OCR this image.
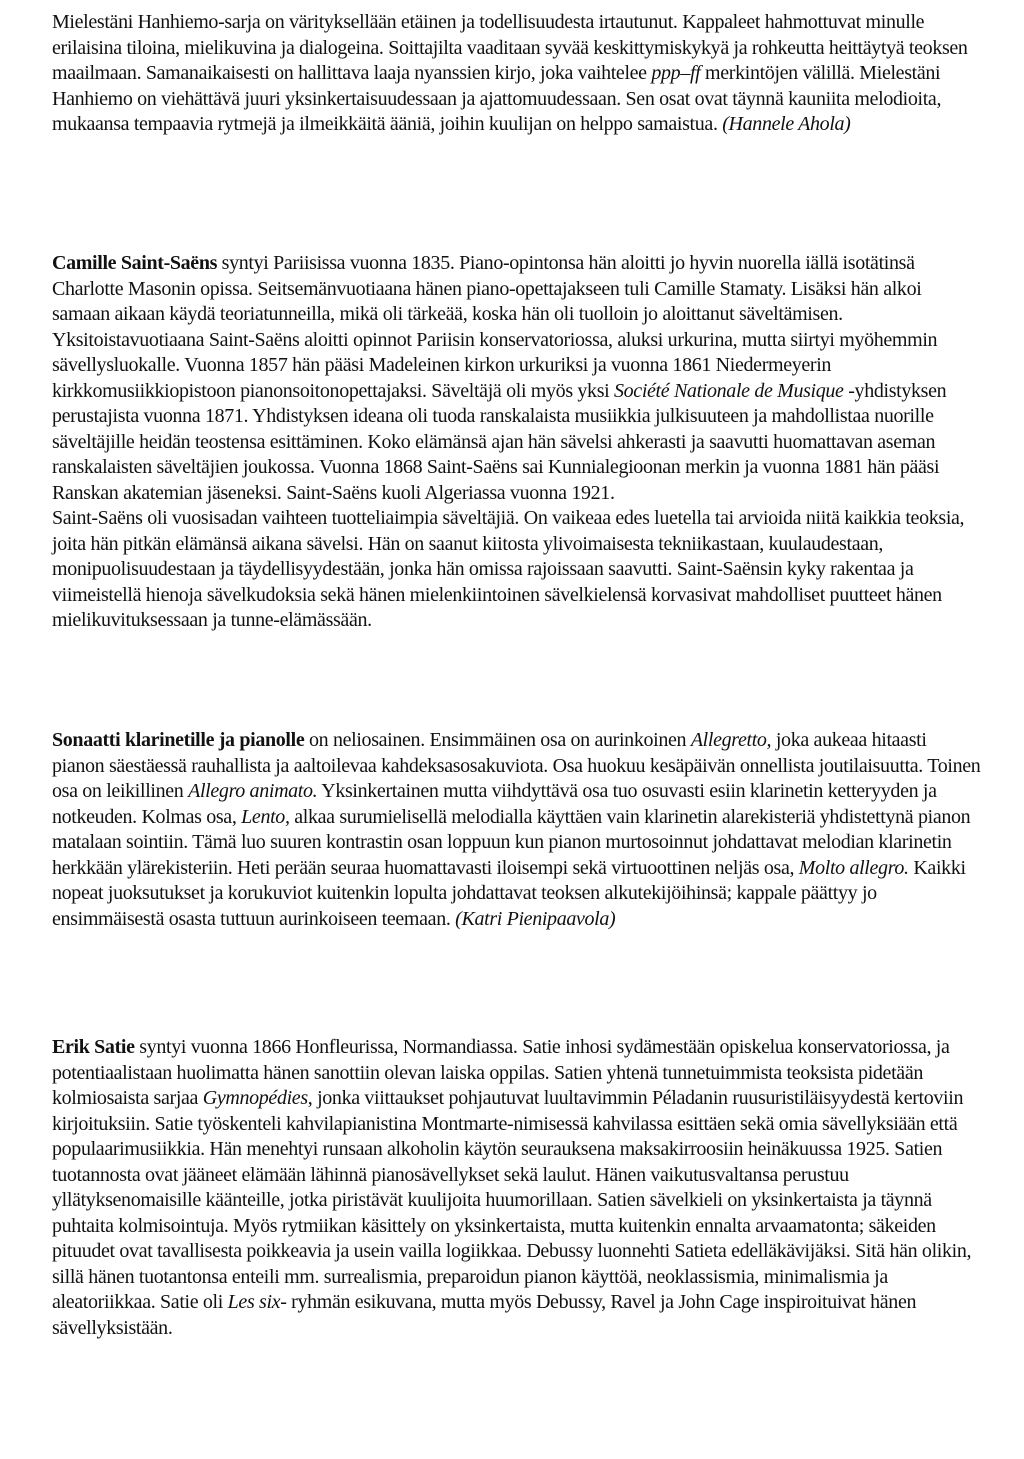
Mielestäni Hanhiemo-sarja on värityksellään etäinen ja todellisuudesta irtautunut. Kappaleet hahmottuvat minulle erilaisina tiloina, mielikuvina ja dialogeina. Soittajilta vaaditaan syvää keskittymiskykyä ja rohkeutta heittäytyä teoksen maailmaan. Samanaikaisesti on hallittava laaja nyanssien kirjo, joka vaihtelee ppp–ff merkintöjen välillä. Mielestäni Hanhiemo on viehättävä juuri yksinkertaisuudessaan ja ajattomuudessaan. Sen osat ovat täynnä kauniita melodioita, mukaansa tempaavia rytmejä ja ilmeikkäitä ääniä, joihin kuulijan on helppo samaistua. (Hannele Ahola)

Camille Saint-Saëns syntyi Pariisissa vuonna 1835. Piano-opintonsa hän aloitti jo hyvin nuorella iällä isotätinsä Charlotte Masonin opissa. Seitsemänvuotiaana hänen piano-opettajakseen tuli Camille Stamaty. Lisäksi hän alkoi samaan aikaan käydä teoriatunneilla, mikä oli tärkeää, koska hän oli tuolloin jo aloittanut säveltämisen. Yksitoistavuotiaana Saint-Saëns aloitti opinnot Pariisin konservatoriossa, aluksi urkurina, mutta siirtyi myöhemmin sävellysluokalle. Vuonna 1857 hän pääsi Madeleinen kirkon urkuriksi ja vuonna 1861 Niedermeyerin kirkkomusiikkiopistoon pianonsoitonopettajaksi. Säveltäjä oli myös yksi Société Nationale de Musique -yhdistyksen perustajista vuonna 1871. Yhdistyksen ideana oli tuoda ranskalaista musiikkia julkisuuteen ja mahdollistaa nuorille säveltäjille heidän teostensa esittäminen. Koko elämänsä ajan hän sävelsi ahkerasti ja saavutti huomattavan aseman ranskalaisten säveltäjien joukossa. Vuonna 1868 Saint-Saëns sai Kunnialegioonan merkin ja vuonna 1881 hän pääsi Ranskan akatemian jäseneksi. Saint-Saëns kuoli Algeriassa vuonna 1921.

Saint-Saëns oli vuosisadan vaihteen tuotteliaimpia säveltäjiä. On vaikeaa edes luetella tai arvioida niitä kaikkia teoksia, joita hän pitkän elämänsä aikana sävelsi. Hän on saanut kiitosta ylivoimaisesta tekniikastaan, kuulaudestaan, monipuolisuudestaan ja täydellisyydestään, jonka hän omissa rajoissaan saavutti. Saint-Saënsin kyky rakentaa ja viimeistellä hienoja sävelkudoksia sekä hänen mielenkiintoinen sävelkielensä korvasivat mahdolliset puutteet hänen mielikuvituksessaan ja tunne-elämässään.

Sonaatti klarinetille ja pianolle on neliosainen. Ensimmäinen osa on aurinkoinen Allegretto, joka aukeaa hitaasti pianon säestäessä rauhallista ja aaltoilevaa kahdeksasosakuviota. Osa huokuu kesäpäivän onnellista joutilaisuutta. Toinen osa on leikillinen Allegro animato. Yksinkertainen mutta viihdyttävä osa tuo osuvasti esiin klarinetin ketteryyden ja notkeuden. Kolmas osa, Lento, alkaa surumielisellä melodialla käyttäen vain klarinetin alarekisteriä yhdistettynä pianon matalaan sointiin. Tämä luo suuren kontrastin osan loppuun kun pianon murtosoinnut johdattavat melodian klarinetin herkkään ylärekisteriin. Heti perään seuraa huomattavasti iloisempi sekä virtuoottinen neljäs osa, Molto allegro. Kaikki nopeat juoksutukset ja korukuviot kuitenkin lopulta johdattavat teoksen alkutekijöihinsä; kappale päättyy jo ensimmäisestä osasta tuttuun aurinkoiseen teemaan. (Katri Pienipaavola)

Erik Satie syntyi vuonna 1866 Honfleurissa, Normandiassa. Satie inhosi sydämestään opiskelua konservatoriossa, ja potentiaalistaan huolimatta hänen sanottiin olevan laiska oppilas. Satien yhtenä tunnetuimmista teoksista pidetään kolmiosaista sarjaa Gymnopédies, jonka viittaukset pohjautuvat luultavimmin Péladanin ruusuristiläisyydestä kertoviin kirjoituksiin. Satie työskenteli kahvilapianistina Montmarte-nimisessä kahvilassa esittäen sekä omia sävellyksiään että populaarimusiikkia. Hän menehtyi runsaan alkoholin käytön seurauksena maksakirroosiin heinäkuussa 1925. Satien tuotannosta ovat jääneet elämään lähinnä pianosävellykset sekä laulut. Hänen vaikutusvaltansa perustuu yllätyksenomaisille käänteille, jotka piristävät kuulijoita huumorillaan. Satien sävelkieli on yksinkertaista ja täynnä puhtaita kolmisointuja. Myös rytmiikan käsittely on yksinkertaista, mutta kuitenkin ennalta arvaamatonta; säkeiden pituudet ovat tavallisesta poikkeavia ja usein vailla logiikkaa. Debussy luonnehti Satieta edelläkävijäksi. Sitä hän olikin, sillä hänen tuotantonsa enteili mm. surrealismia, preparoidun pianon käyttöä, neoklassismia, minimalismia ja aleatoriikkaa. Satie oli Les six- ryhmän esikuvana, mutta myös Debussy, Ravel ja John Cage inspiroituivat hänen sävellyksistään.
